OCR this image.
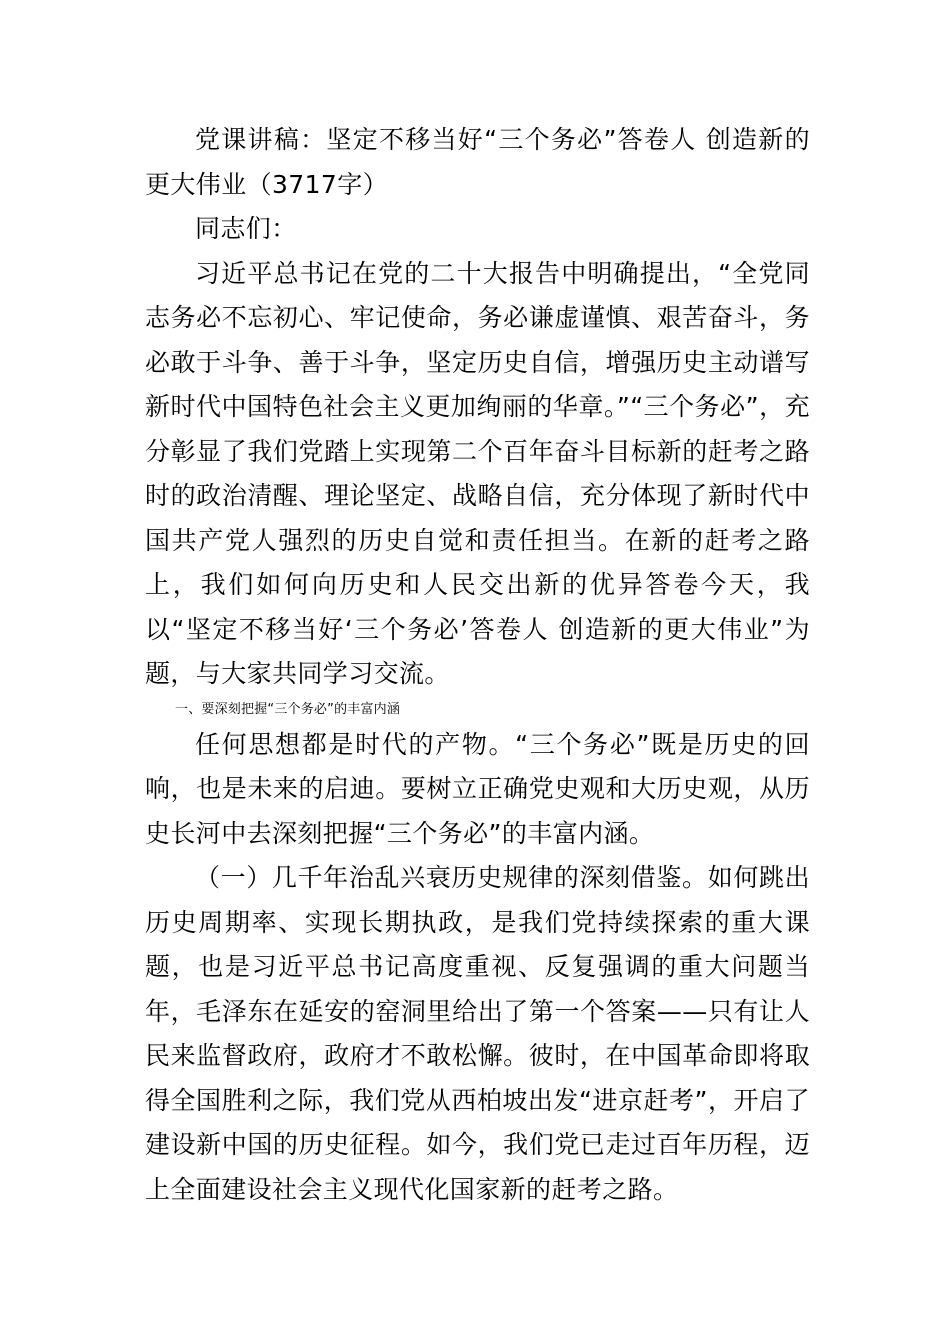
党课讲稿：坚定不移当好“三个务必”答卷人 创造新的更大伟业（3717字）

同志们：

习近平总书记在党的二十大报告中明确提出，“全党同志务必不忘初心、牢记使命，务必谦虚谨慎、艰苦奋斗，务必敢于斗争、善于斗争，坚定历史自信，增强历史主动谱写新时代中国特色社会主义更加绚丽的华章。”“三个务必”，充分彰显了我们党踏上实现第二个百年奋斗目标新的赶考之路时的政治清醒、理论坚定、战略自信，充分体现了新时代中国共产党人强烈的历史自觉和责任担当。在新的赶考之路上，我们如何向历史和人民交出新的优异答卷今天，我以“坚定不移当好‘三个务必’答卷人 创造新的更大伟业”为题，与大家共同学习交流。

一、要深刻把握“三个务必”的丰富内涵

任何思想都是时代的产物。“三个务必”既是历史的回响，也是未来的启迪。要树立正确党史观和大历史观，从历史长河中去深刻把握“三个务必”的丰富内涵。

（一）几千年治乱兴衰历史规律的深刻借鉴。如何跳出历史周期率、实现长期执政，是我们党持续探索的重大课题，也是习近平总书记高度重视、反复强调的重大问题当年，毛泽东在延安的窑洞里给出了第一个答案——只有让人民来监督政府，政府才不敢松懈。彼时，在中国革命即将取得全国胜利之际，我们党从西柏坡出发“进京赶考”，开启了建设新中国的历史征程。如今，我们党已走过百年历程，迈上全面建设社会主义现代化国家新的赶考之路。
